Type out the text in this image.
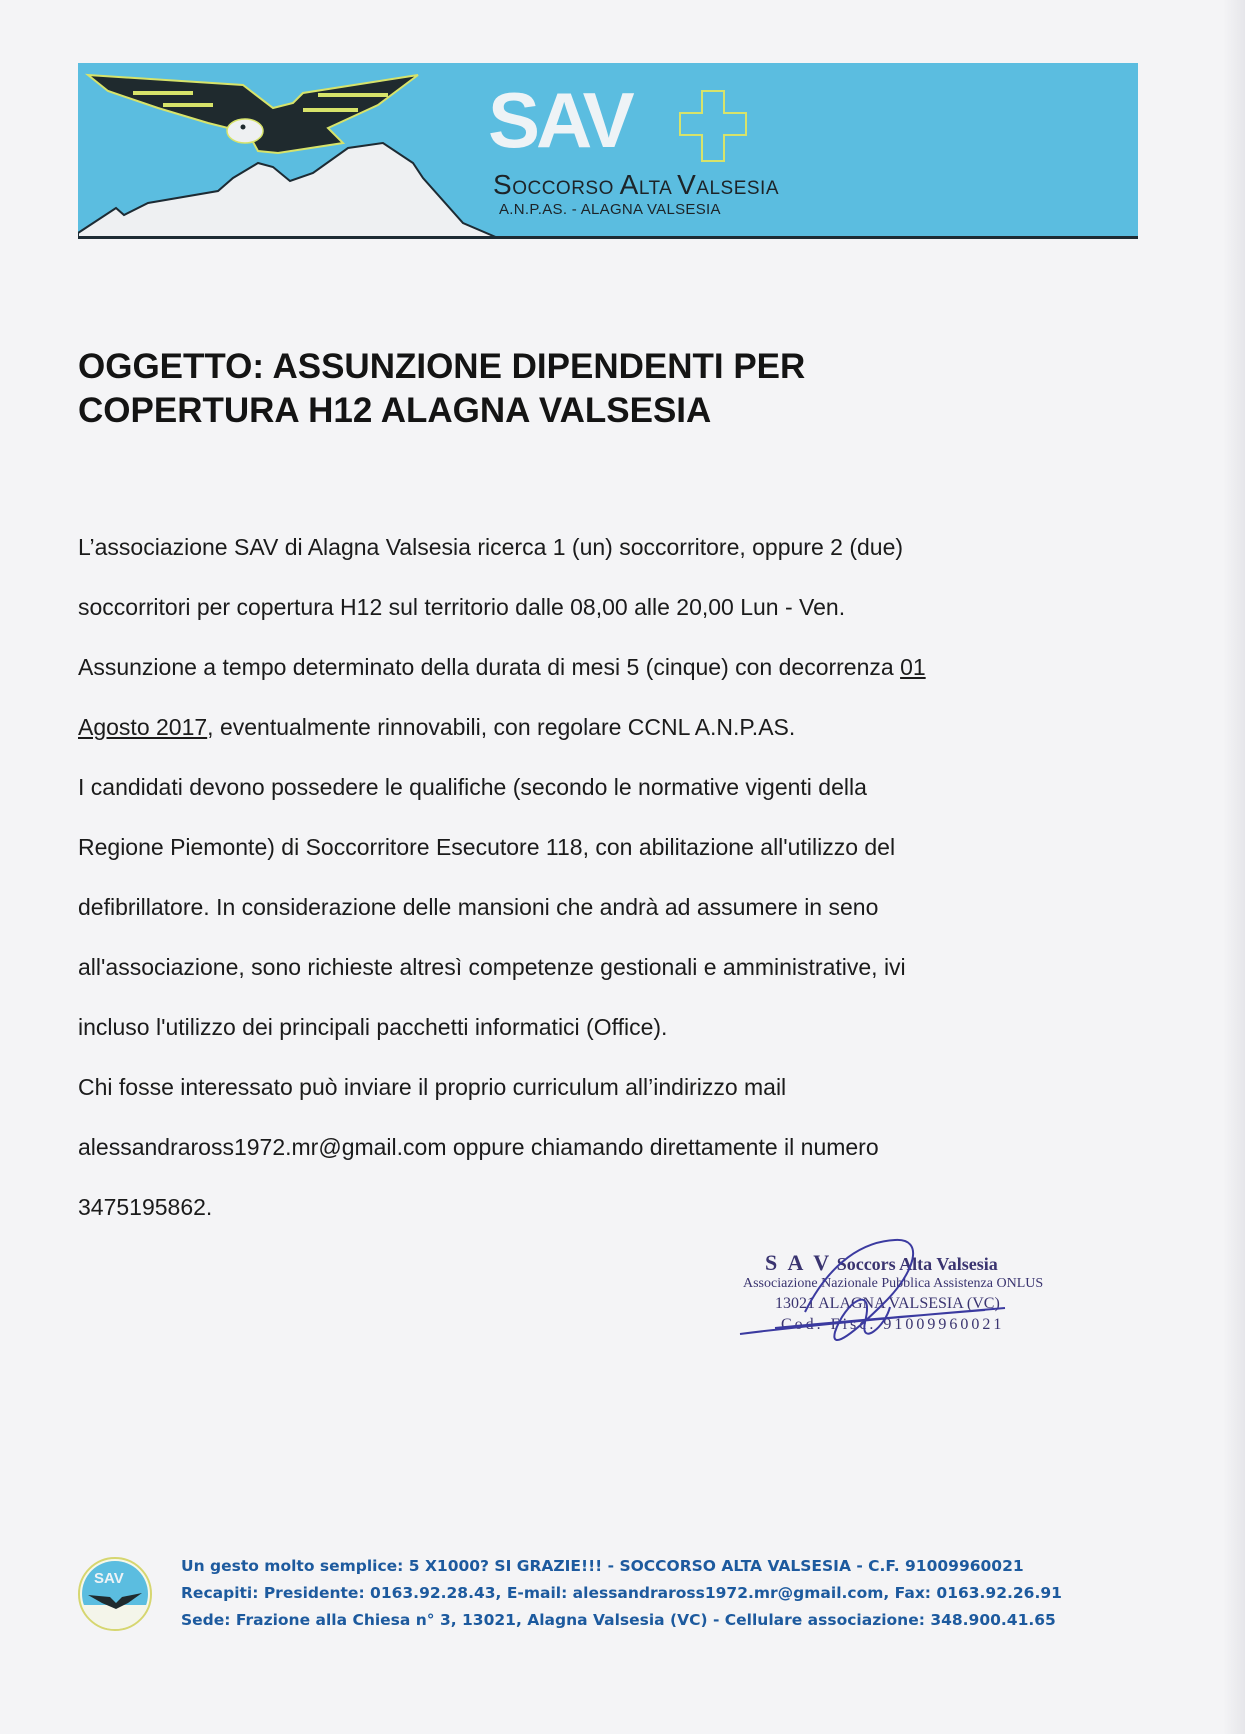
SAV
SOCCORSO ALTA VALSESIA
A.N.P.AS. - ALAGNA VALSESIA
OGGETTO: ASSUNZIONE DIPENDENTI PER
COPERTURA H12 ALAGNA VALSESIA
L’associazione SAV di Alagna Valsesia ricerca 1 (un) soccorritore, oppure 2 (due)
soccorritori per copertura H12 sul territorio dalle 08,00 alle 20,00 Lun - Ven.
Assunzione a tempo determinato della durata di mesi 5 (cinque) con decorrenza 01
Agosto 2017, eventualmente rinnovabili, con regolare CCNL A.N.P.AS.
I candidati devono possedere le qualifiche (secondo le normative vigenti della
Regione Piemonte) di Soccorritore Esecutore 118, con abilitazione all'utilizzo del
defibrillatore. In considerazione delle mansioni che andrà ad assumere in seno
all'associazione, sono richieste altresì competenze gestionali e amministrative, ivi
incluso l'utilizzo dei principali pacchetti informatici (Office).
Chi fosse interessato può inviare il proprio curriculum all’indirizzo mail
alessandraross1972.mr@gmail.com oppure chiamando direttamente il numero
3475195862.
S A V Soccors Alta Valsesia
Associazione Nazionale Pubblica Assistenza ONLUS
13021 ALAGNA VALSESIA (VC)
Cod. Fisc. 91009960021
SAV
Un gesto molto semplice: 5 X1000? SI GRAZIE!!! - SOCCORSO ALTA VALSESIA - C.F. 91009960021
Recapiti: Presidente: 0163.92.28.43, E-mail: alessandraross1972.mr@gmail.com, Fax: 0163.92.26.91
Sede: Frazione alla Chiesa n° 3, 13021, Alagna Valsesia (VC) - Cellulare associazione: 348.900.41.65
